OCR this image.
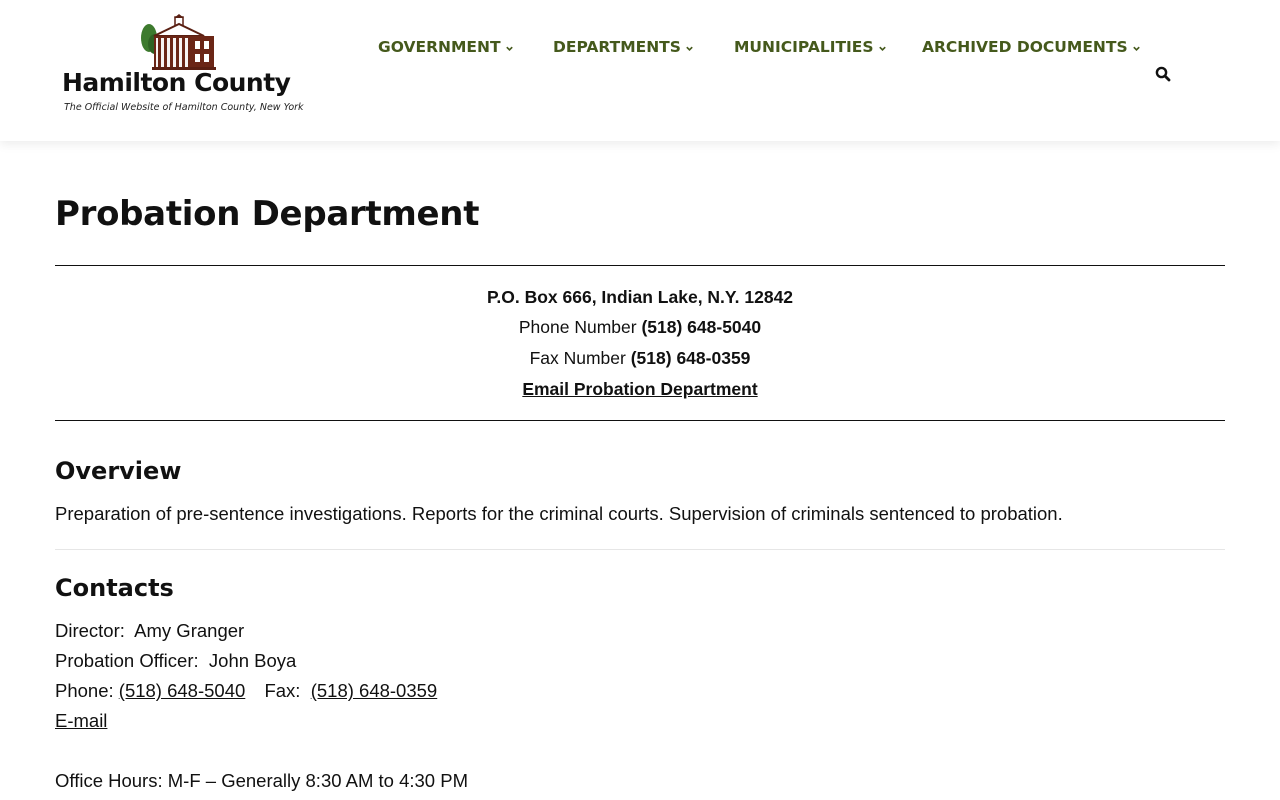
Hamilton County
The Official Website of Hamilton County, New York
GOVERNMENT	DEPARTMENTS	MUNICIPALITIES	ARCHIVED DOCUMENTS
Probation Department
P.O. Box 666, Indian Lake, N.Y. 12842
Phone Number (518) 648-5040
Fax Number (518) 648-0359
Email Probation Department
Overview

Preparation of pre-sentence investigations. Reports for the criminal courts. Supervision of criminals sentenced to probation.

Contacts
Director: Amy Granger
Probation Officer: John Boya
Phone: (518) 648-5040 Fax: (518) 648-0359
E-mail
Office Hours: M-F – Generally 8:30 AM to 4:30 PM
